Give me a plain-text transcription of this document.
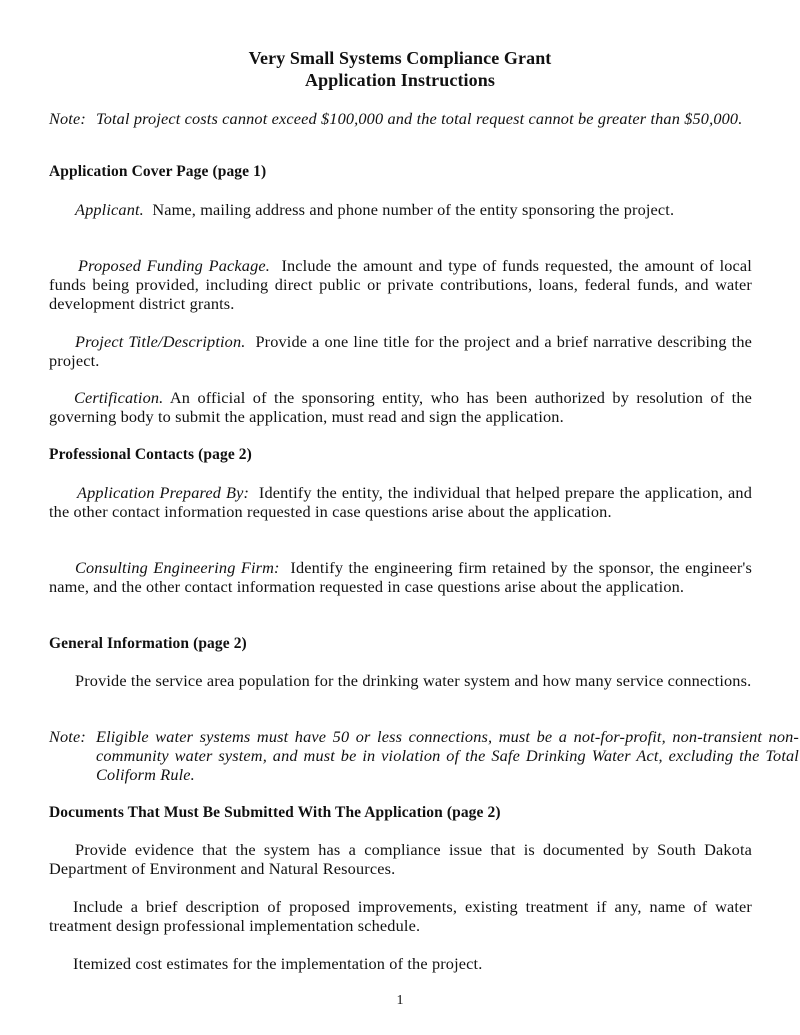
Very Small Systems Compliance Grant
Application Instructions
Note: Total project costs cannot exceed $100,000 and the total request cannot be greater than $50,000.
Application Cover Page (page 1)
Applicant. Name, mailing address and phone number of the entity sponsoring the project.
Proposed Funding Package. Include the amount and type of funds requested, the amount of local funds being provided, including direct public or private contributions, loans, federal funds, and water development district grants.
Project Title/Description. Provide a one line title for the project and a brief narrative describing the project.
Certification. An official of the sponsoring entity, who has been authorized by resolution of the governing body to submit the application, must read and sign the application.
Professional Contacts (page 2)
Application Prepared By: Identify the entity, the individual that helped prepare the application, and the other contact information requested in case questions arise about the application.
Consulting Engineering Firm: Identify the engineering firm retained by the sponsor, the engineer's name, and the other contact information requested in case questions arise about the application.
General Information (page 2)
Provide the service area population for the drinking water system and how many service connections.
Note: Eligible water systems must have 50 or less connections, must be a not-for-profit, non-transient non-community water system, and must be in violation of the Safe Drinking Water Act, excluding the Total Coliform Rule.
Documents That Must Be Submitted With The Application (page 2)
Provide evidence that the system has a compliance issue that is documented by South Dakota Department of Environment and Natural Resources.
Include a brief description of proposed improvements, existing treatment if any, name of water treatment design professional implementation schedule.
Itemized cost estimates for the implementation of the project.
1
